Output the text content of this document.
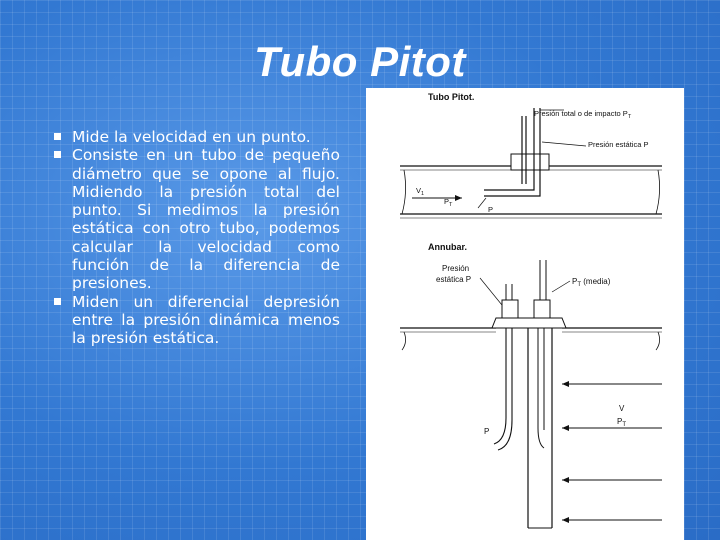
Tubo Pitot
Mide la velocidad en un punto.
Consiste en un tubo de pequeño diámetro que se opone al flujo. Midiendo la presión total del punto. Si medimos la presión estática con otro tubo, podemos calcular la velocidad como función de la diferencia de presiones.
Miden un diferencial depresión entre la presión dinámica menos la presión estática.
Tubo Pitot.
Presión total o de impacto $P_T$
Presión estática P
$V_1$
$P_T$	P
Annubar.
Presión
estática P	$P_T$ (media)
V
$P_T$
P
